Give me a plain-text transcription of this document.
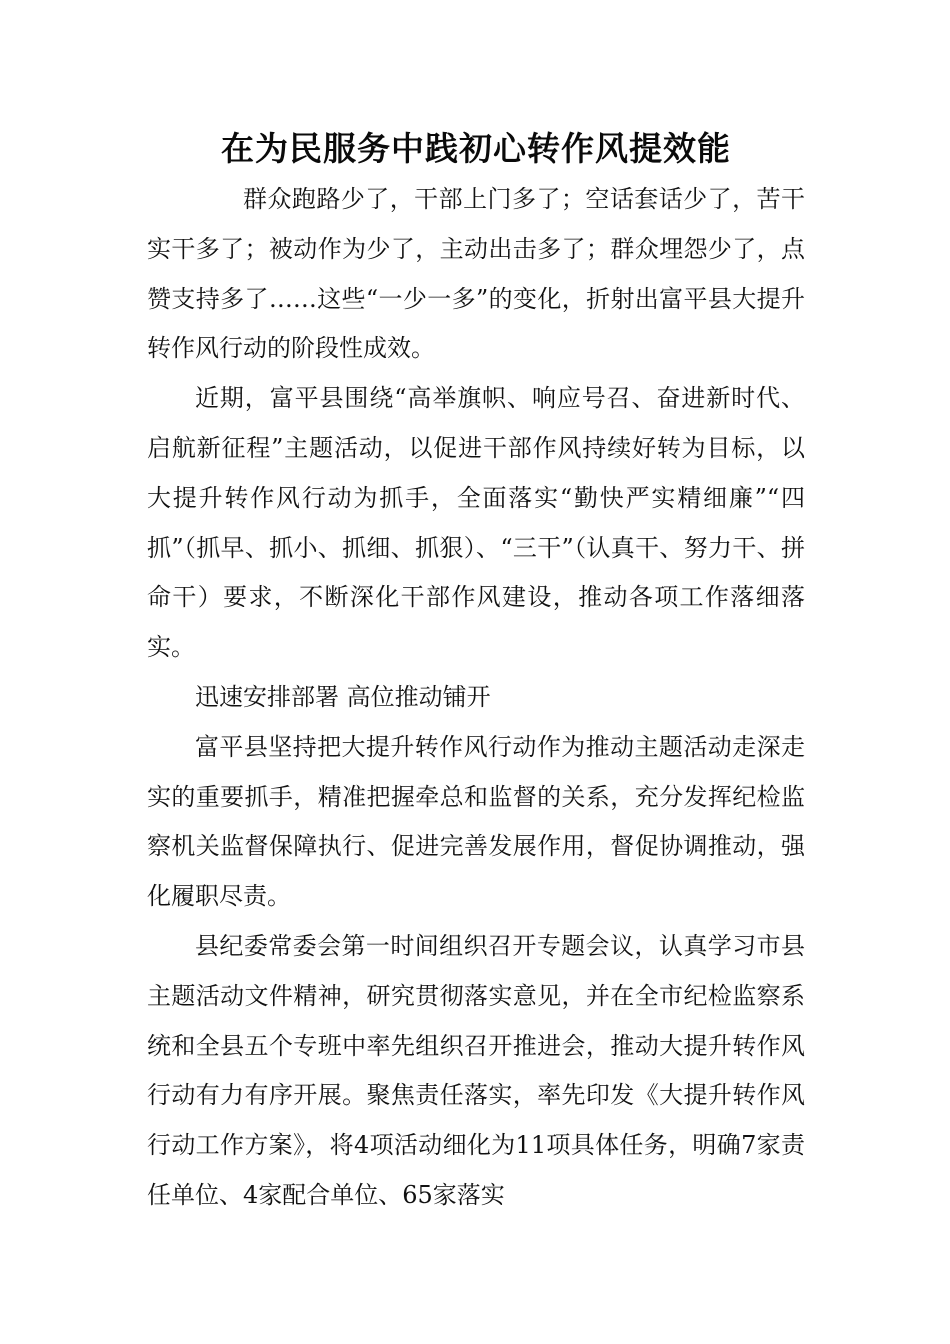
在为民服务中践初心转作风提效能

群众跑路少了，干部上门多了；空话套话少了，苦干实干多了；被动作为少了，主动出击多了；群众埋怨少了，点赞支持多了……这些“一少一多”的变化，折射出富平县大提升转作风行动的阶段性成效。

近期，富平县围绕“高举旗帜、响应号召、奋进新时代、启航新征程”主题活动，以促进干部作风持续好转为目标，以大提升转作风行动为抓手，全面落实“勤快严实精细廉”“四抓”（抓早、抓小、抓细、抓狠）、“三干”（认真干、努力干、拼命干）要求，不断深化干部作风建设，推动各项工作落细落实。

迅速安排部署 高位推动铺开

富平县坚持把大提升转作风行动作为推动主题活动走深走实的重要抓手，精准把握牵总和监督的关系，充分发挥纪检监察机关监督保障执行、促进完善发展作用，督促协调推动，强化履职尽责。

县纪委常委会第一时间组织召开专题会议，认真学习市县主题活动文件精神，研究贯彻落实意见，并在全市纪检监察系统和全县五个专班中率先组织召开推进会，推动大提升转作风行动有力有序开展。聚焦责任落实，率先印发《大提升转作风行动工作方案》，将4项活动细化为11项具体任务，明确7家责任单位、4家配合单位、65家落实
